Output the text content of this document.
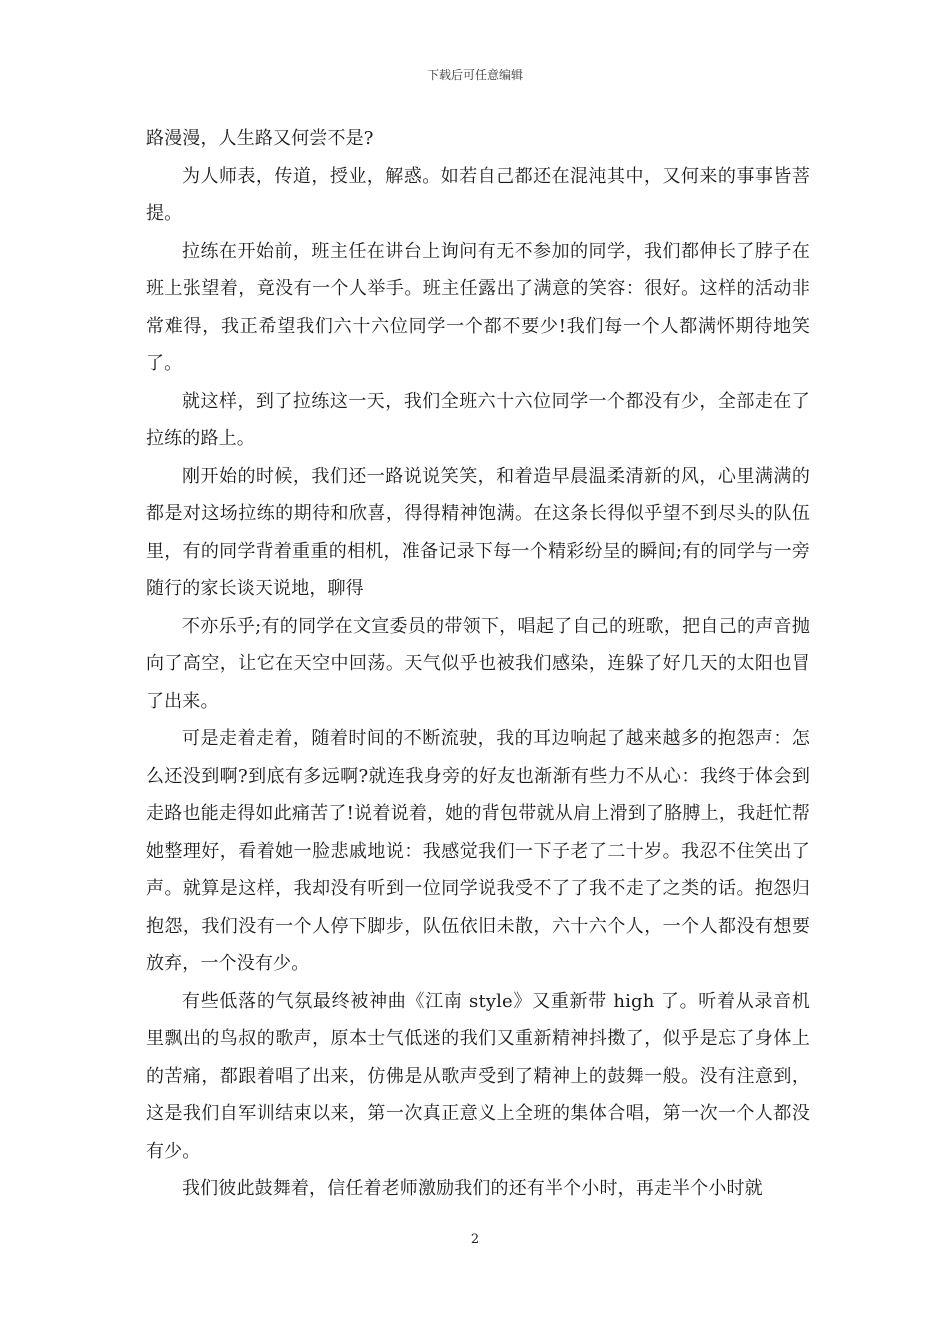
下载后可任意编辑

路漫漫，人生路又何尝不是?

为人师表，传道，授业，解惑。如若自己都还在混沌其中，又何来的事事皆菩提。

拉练在开始前，班主任在讲台上询问有无不参加的同学，我们都伸长了脖子在班上张望着，竟没有一个人举手。班主任露出了满意的笑容：很好。这样的活动非常难得，我正希望我们六十六位同学一个都不要少!我们每一个人都满怀期待地笑了。

就这样，到了拉练这一天，我们全班六十六位同学一个都没有少，全部走在了拉练的路上。

刚开始的时候，我们还一路说说笑笑，和着造早晨温柔清新的风，心里满满的都是对这场拉练的期待和欣喜，得得精神饱满。在这条长得似乎望不到尽头的队伍里，有的同学背着重重的相机，准备记录下每一个精彩纷呈的瞬间;有的同学与一旁随行的家长谈天说地，聊得

不亦乐乎;有的同学在文宣委员的带领下，唱起了自己的班歌，把自己的声音抛向了高空，让它在天空中回荡。天气似乎也被我们感染，连躲了好几天的太阳也冒了出来。

可是走着走着，随着时间的不断流驶，我的耳边响起了越来越多的抱怨声：怎么还没到啊?到底有多远啊?就连我身旁的好友也渐渐有些力不从心：我终于体会到走路也能走得如此痛苦了!说着说着，她的背包带就从肩上滑到了胳膊上，我赶忙帮她整理好，看着她一脸悲戚地说：我感觉我们一下子老了二十岁。我忍不住笑出了声。就算是这样，我却没有听到一位同学说我受不了了我不走了之类的话。抱怨归抱怨，我们没有一个人停下脚步，队伍依旧未散，六十六个人，一个人都没有想要放弃，一个没有少。

有些低落的气氛最终被神曲《江南 style》又重新带 high 了。听着从录音机里飘出的鸟叔的歌声，原本士气低迷的我们又重新精神抖擞了，似乎是忘了身体上的苦痛，都跟着唱了出来，仿佛是从歌声受到了精神上的鼓舞一般。没有注意到，这是我们自军训结束以来，第一次真正意义上全班的集体合唱，第一次一个人都没有少。

我们彼此鼓舞着，信任着老师激励我们的还有半个小时，再走半个小时就

2
